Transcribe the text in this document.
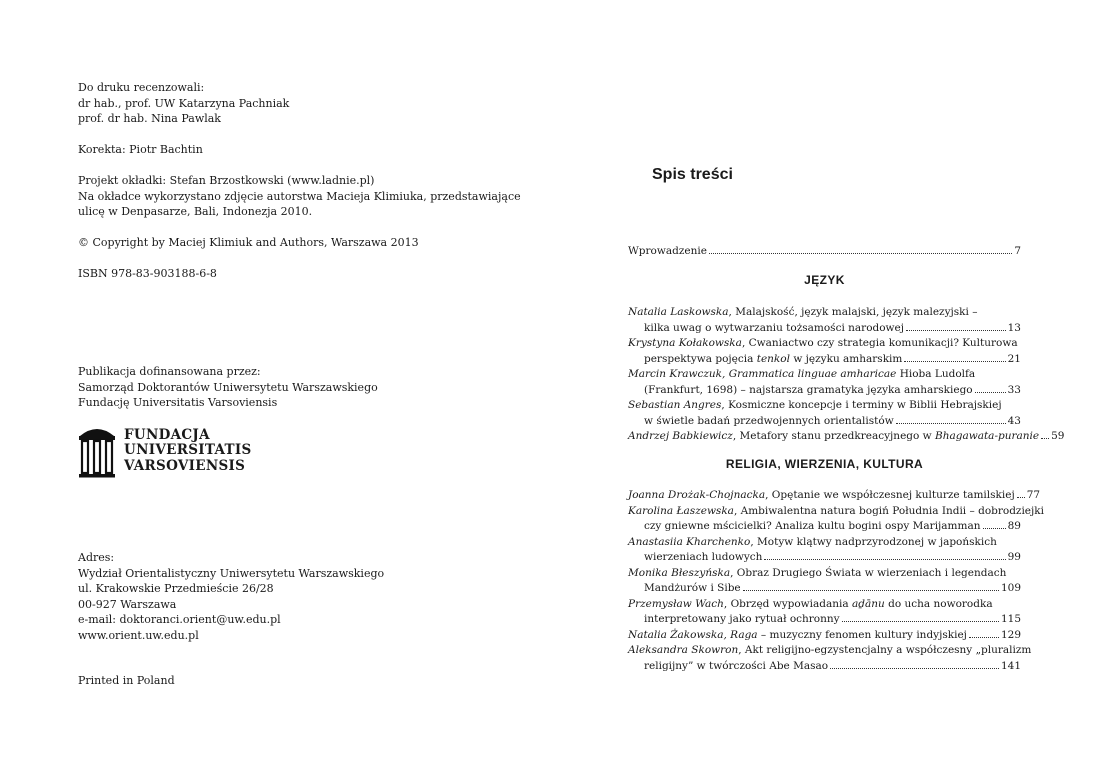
Do druku recenzowali:
dr hab., prof. UW Katarzyna Pachniak
prof. dr hab. Nina Pawlak
Korekta: Piotr Bachtin
Projekt okładki: Stefan Brzostkowski (www.ladnie.pl)
Na okładce wykorzystano zdjęcie autorstwa Macieja Klimiuka, przedstawiające
ulicę w Denpasarze, Bali, Indonezja 2010.
© Copyright by Maciej Klimiuk and Authors, Warszawa 2013
ISBN 978-83-903188-6-8
Publikacja dofinansowana przez:
Samorząd Doktorantów Uniwersytetu Warszawskiego
Fundację Universitatis Varsoviensis
FUNDACJA
UNIVERSITATIS
VARSOVIENSIS
Adres:
Wydział Orientalistyczny Uniwersytetu Warszawskiego
ul. Krakowskie Przedmieście 26/28
00-927 Warszawa
e-mail: doktoranci.orient@uw.edu.pl
www.orient.uw.edu.pl
Printed in Poland
Spis treści
Wprowadzenie	7
JĘZYK
Natalia Laskowska , Malajskość, język malajski, język malezyjski –
kilka uwag o wytwarzaniu tożsamości narodowej	13
Krystyna Kołakowska , Cwaniactwo czy strategia komunikacji? Kulturowa
perspektywa pojęcia tenkol w języku amharskim	21
Marcin Krawczuk , Grammatica linguae amharicae Hioba Ludolfa
(Frankfurt, 1698) – najstarsza gramatyka języka amharskiego	33
Sebastian Angres , Kosmiczne koncepcje i terminy w Biblii Hebrajskiej
w świetle badań przedwojennych orientalistów	43
Andrzej Babkiewicz , Metafory stanu przedkreacyjnego w Bhagawata-puranie 59
RELIGIA, WIERZENIA, KULTURA
Joanna Drożak-Chojnacka , Opętanie we współczesnej kulturze tamilskiej 77
Karolina Łaszewska , Ambiwalentna natura bogiń Południa Indii – dobrodziejki
czy gniewne mścicielki? Analiza kultu bogini ospy Marijamman	89
Anastasiia Kharchenko , Motyw klątwy nadprzyrodzonej w japońskich
wierzeniach ludowych	99
Monika Błeszyńska , Obraz Drugiego Świata w wierzeniach i legendach
Mandżurów i Sibe	109
Przemysław Wach , Obrzęd wypowiadania aḏānu do ucha noworodka
interpretowany jako rytuał ochronny	115
Natalia Żakowska , Raga – muzyczny fenomen kultury indyjskiej	129
Aleksandra Skowron , Akt religijno-egzystencjalny a współczesny „pluralizm
religijny” w twórczości Abe Masao	141
